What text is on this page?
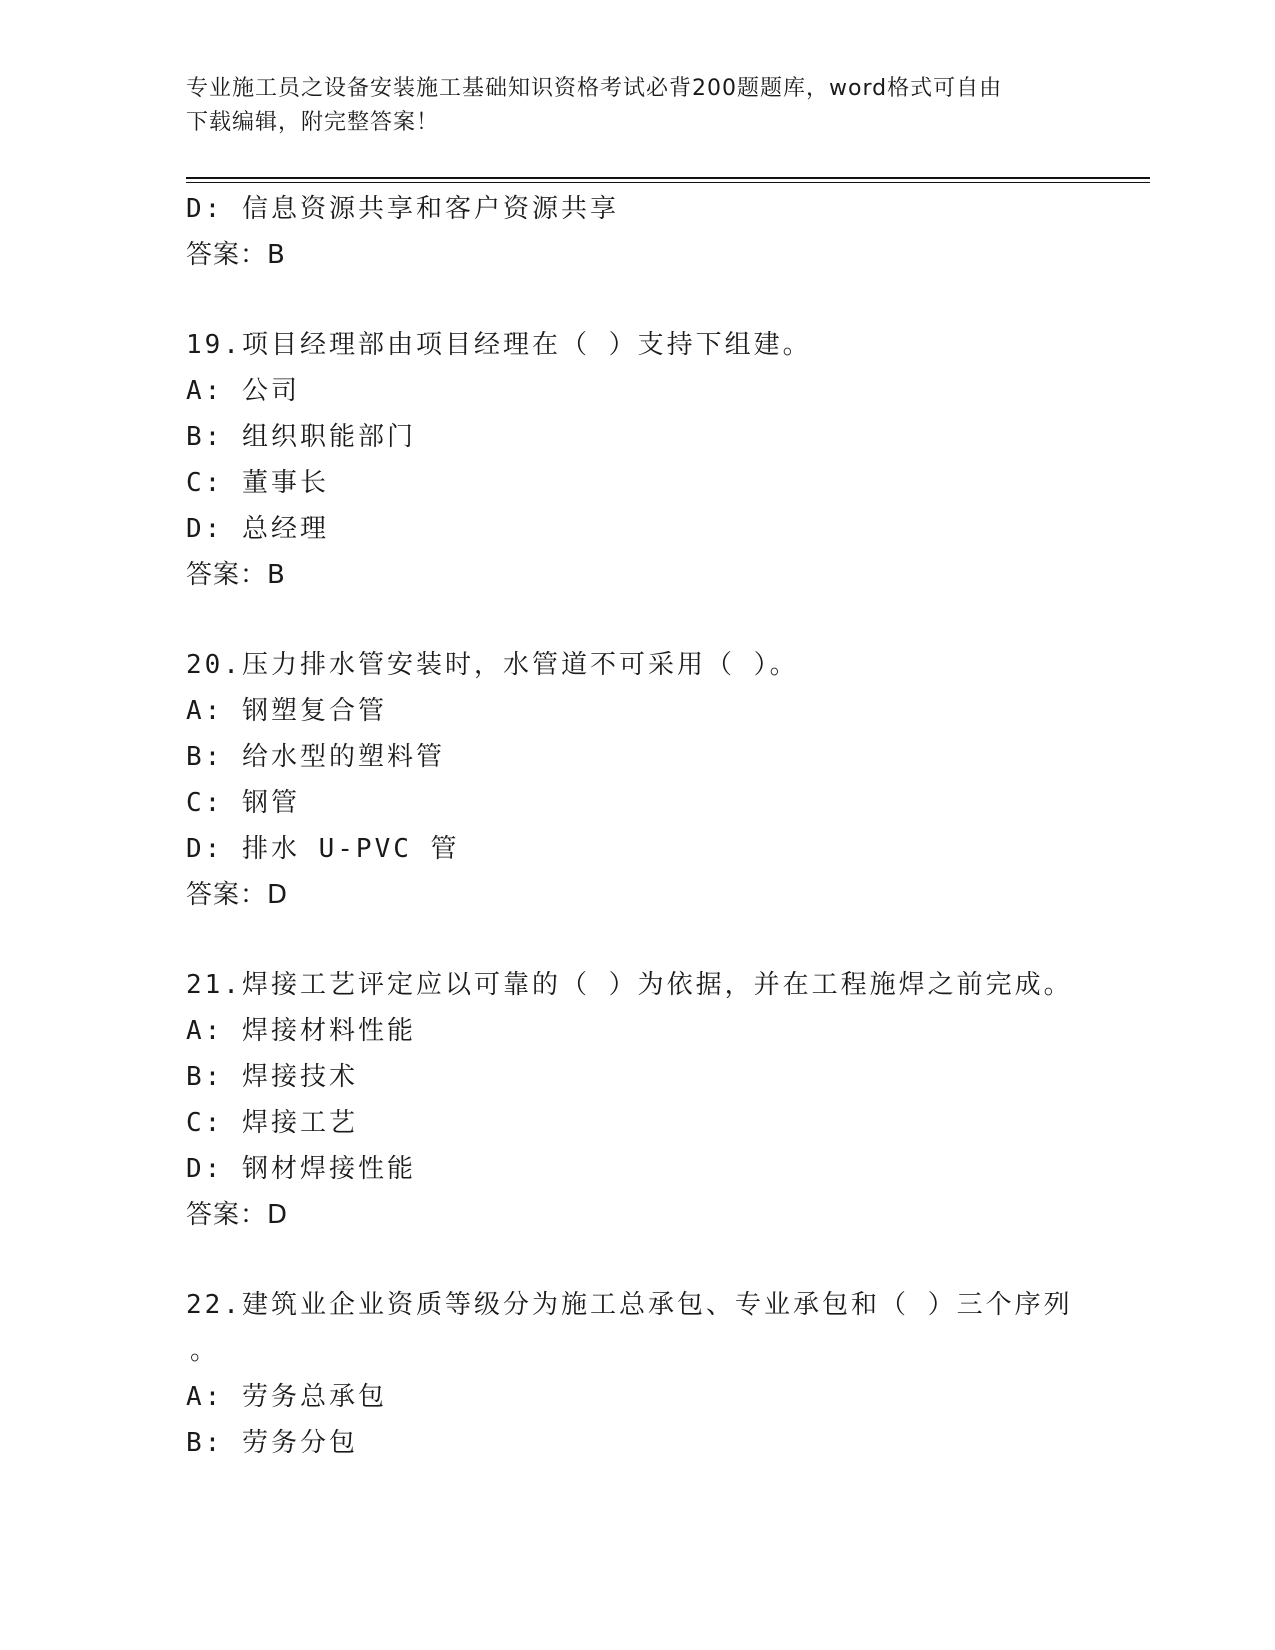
专业施工员之设备安装施工基础知识资格考试必背200题题库，word格式可自由
下载编辑，附完整答案！
D: 信息资源共享和客户资源共享
答案：B
19.项目经理部由项目经理在（ ）支持下组建。
A: 公司
B: 组织职能部门
C: 董事长
D: 总经理
答案：B
20.压力排水管安装时，水管道不可采用（ ）。
A: 钢塑复合管
B: 给水型的塑料管
C: 钢管
D: 排水 U-PVC 管
答案：D
21.焊接工艺评定应以可靠的（ ）为依据，并在工程施焊之前完成。
A: 焊接材料性能
B: 焊接技术
C: 焊接工艺
D: 钢材焊接性能
答案：D
22.建筑业企业资质等级分为施工总承包、专业承包和（ ）三个序列
。
A: 劳务总承包
B: 劳务分包
